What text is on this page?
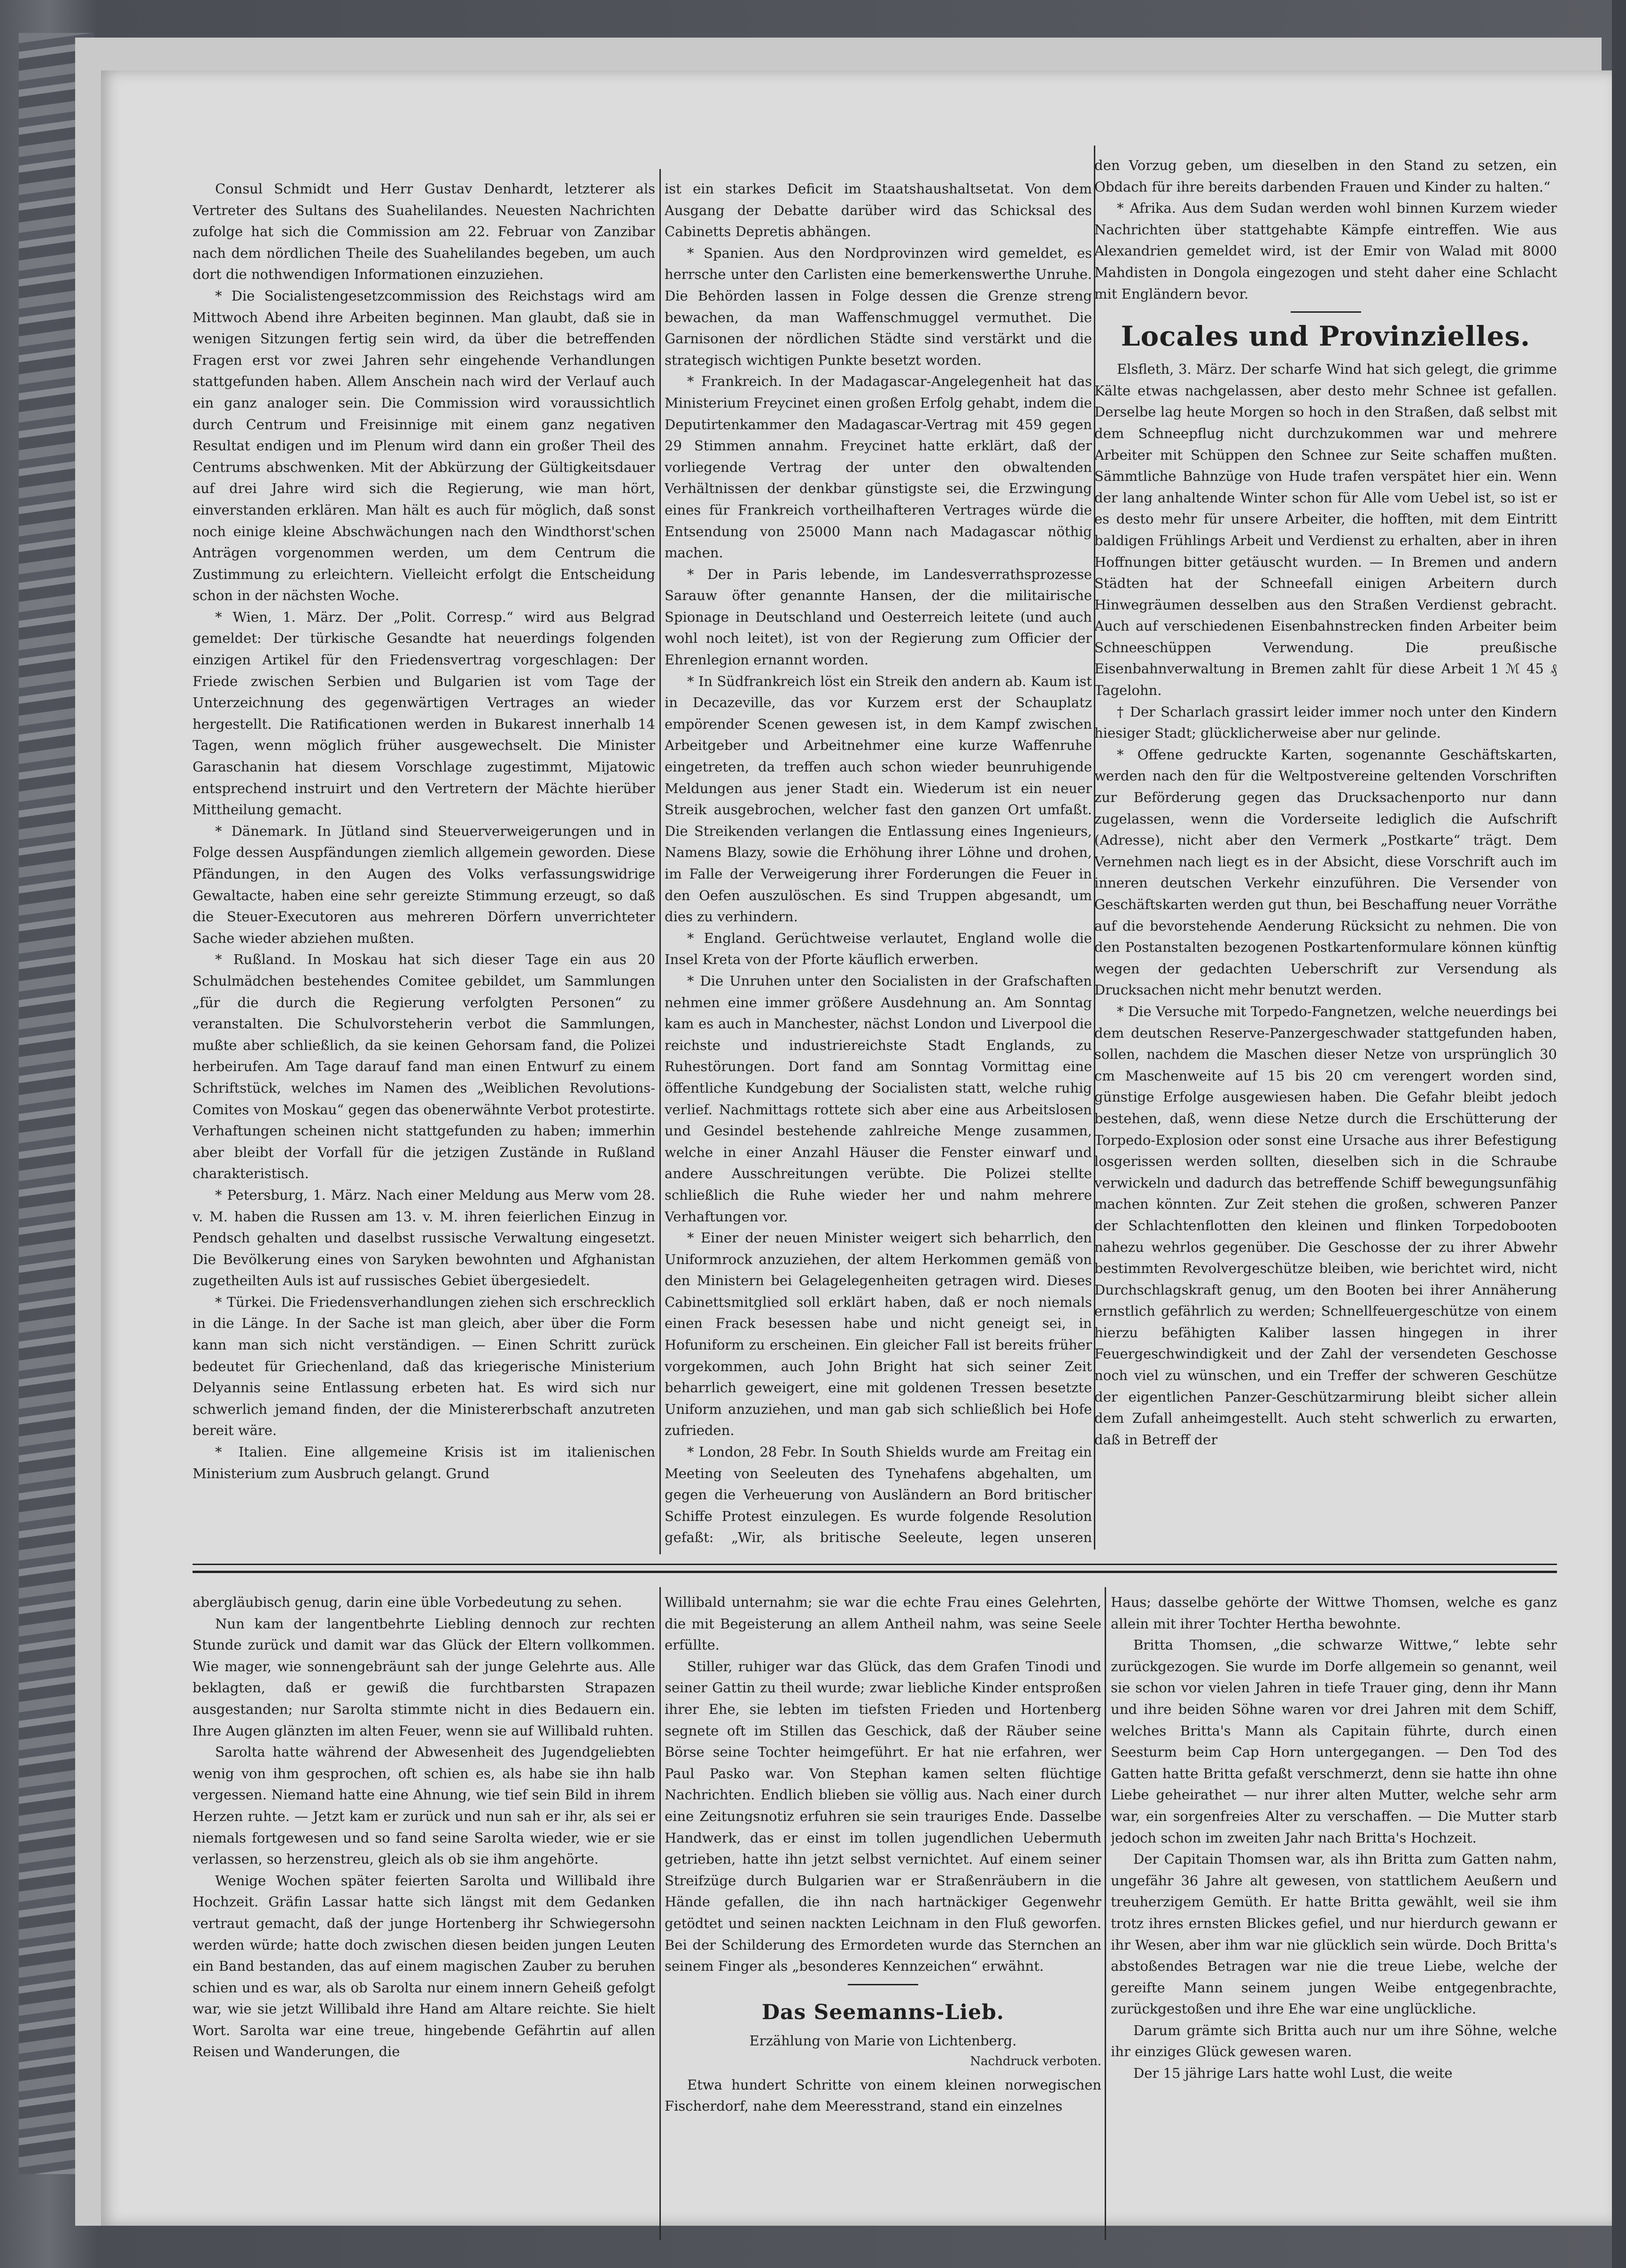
Consul Schmidt und Herr Gustav Denhardt, letzterer als Vertreter des Sultans des Suahelilandes. Neuesten Nachrichten zufolge hat sich die Commission am 22. Februar von Zanzibar nach dem nördlichen Theile des Suahelilandes begeben, um auch dort die nothwendigen Informationen einzuziehen.

* Die Socialistengesetzcommission des Reichstags wird am Mittwoch Abend ihre Arbeiten beginnen. Man glaubt, daß sie in wenigen Sitzungen fertig sein wird, da über die betreffenden Fragen erst vor zwei Jahren sehr eingehende Verhandlungen stattgefunden haben. Allem Anschein nach wird der Verlauf auch ein ganz analoger sein. Die Commission wird voraussichtlich durch Centrum und Freisinnige mit einem ganz negativen Resultat endigen und im Plenum wird dann ein großer Theil des Centrums abschwenken. Mit der Abkürzung der Gültigkeitsdauer auf drei Jahre wird sich die Regierung, wie man hört, einverstanden erklären. Man hält es auch für möglich, daß sonst noch einige kleine Abschwächungen nach den Windthorst'schen Anträgen vorgenommen werden, um dem Centrum die Zustimmung zu erleichtern. Vielleicht erfolgt die Entscheidung schon in der nächsten Woche.

* Wien, 1. März. Der „Polit. Corresp.“ wird aus Belgrad gemeldet: Der türkische Gesandte hat neuerdings folgenden einzigen Artikel für den Friedensvertrag vorgeschlagen: Der Friede zwischen Serbien und Bulgarien ist vom Tage der Unterzeichnung des gegenwärtigen Vertrages an wieder hergestellt. Die Ratificationen werden in Bukarest innerhalb 14 Tagen, wenn möglich früher ausgewechselt. Die Minister Garaschanin hat diesem Vorschlage zugestimmt, Mijatowic entsprechend instruirt und den Vertretern der Mächte hierüber Mittheilung gemacht.

* Dänemark. In Jütland sind Steuerverweigerungen und in Folge dessen Auspfändungen ziemlich allgemein geworden. Diese Pfändungen, in den Augen des Volks verfassungswidrige Gewaltacte, haben eine sehr gereizte Stimmung erzeugt, so daß die Steuer-Executoren aus mehreren Dörfern unverrichteter Sache wieder abziehen mußten.

* Rußland. In Moskau hat sich dieser Tage ein aus 20 Schulmädchen bestehendes Comitee gebildet, um Sammlungen „für die durch die Regierung verfolgten Personen“ zu veranstalten. Die Schulvorsteherin verbot die Sammlungen, mußte aber schließlich, da sie keinen Gehorsam fand, die Polizei herbeirufen. Am Tage darauf fand man einen Entwurf zu einem Schriftstück, welches im Namen des „Weiblichen Revolutions-Comites von Moskau“ gegen das obenerwähnte Verbot protestirte. Verhaftungen scheinen nicht stattgefunden zu haben; immerhin aber bleibt der Vorfall für die jetzigen Zustände in Rußland charakteristisch.

* Petersburg, 1. März. Nach einer Meldung aus Merw vom 28. v. M. haben die Russen am 13. v. M. ihren feierlichen Einzug in Pendsch gehalten und daselbst russische Verwaltung eingesetzt. Die Bevölkerung eines von Saryken bewohnten und Afghanistan zugetheilten Auls ist auf russisches Gebiet übergesiedelt.

* Türkei. Die Friedensverhandlungen ziehen sich erschrecklich in die Länge. In der Sache ist man gleich, aber über die Form kann man sich nicht verständigen. — Einen Schritt zurück bedeutet für Griechenland, daß das kriegerische Ministerium Delyannis seine Entlassung erbeten hat. Es wird sich nur schwerlich jemand finden, der die Ministererbschaft anzutreten bereit wäre.

* Italien. Eine allgemeine Krisis ist im italienischen Ministerium zum Ausbruch gelangt. Grund

ist ein starkes Deficit im Staatshaushaltsetat. Von dem Ausgang der Debatte darüber wird das Schicksal des Cabinetts Depretis abhängen.

* Spanien. Aus den Nordprovinzen wird gemeldet, es herrsche unter den Carlisten eine bemerkenswerthe Unruhe. Die Behörden lassen in Folge dessen die Grenze streng bewachen, da man Waffenschmuggel vermuthet. Die Garnisonen der nördlichen Städte sind verstärkt und die strategisch wichtigen Punkte besetzt worden.

* Frankreich. In der Madagascar-Angelegenheit hat das Ministerium Freycinet einen großen Erfolg gehabt, indem die Deputirtenkammer den Madagascar-Vertrag mit 459 gegen 29 Stimmen annahm. Freycinet hatte erklärt, daß der vorliegende Vertrag der unter den obwaltenden Verhältnissen der denkbar günstigste sei, die Erzwingung eines für Frankreich vortheilhafteren Vertrages würde die Entsendung von 25000 Mann nach Madagascar nöthig machen.

* Der in Paris lebende, im Landesverrathsprozesse Sarauw öfter genannte Hansen, der die militairische Spionage in Deutschland und Oesterreich leitete (und auch wohl noch leitet), ist von der Regierung zum Officier der Ehrenlegion ernannt worden.

* In Südfrankreich löst ein Streik den andern ab. Kaum ist in Decazeville, das vor Kurzem erst der Schauplatz empörender Scenen gewesen ist, in dem Kampf zwischen Arbeitgeber und Arbeitnehmer eine kurze Waffenruhe eingetreten, da treffen auch schon wieder beunruhigende Meldungen aus jener Stadt ein. Wiederum ist ein neuer Streik ausgebrochen, welcher fast den ganzen Ort umfaßt. Die Streikenden verlangen die Entlassung eines Ingenieurs, Namens Blazy, sowie die Erhöhung ihrer Löhne und drohen, im Falle der Verweigerung ihrer Forderungen die Feuer in den Oefen auszulöschen. Es sind Truppen abgesandt, um dies zu verhindern.

* England. Gerüchtweise verlautet, England wolle die Insel Kreta von der Pforte käuflich erwerben.

* Die Unruhen unter den Socialisten in der Grafschaften nehmen eine immer größere Ausdehnung an. Am Sonntag kam es auch in Manchester, nächst London und Liverpool die reichste und industriereichste Stadt Englands, zu Ruhestörungen. Dort fand am Sonntag Vormittag eine öffentliche Kundgebung der Socialisten statt, welche ruhig verlief. Nachmittags rottete sich aber eine aus Arbeitslosen und Gesindel bestehende zahlreiche Menge zusammen, welche in einer Anzahl Häuser die Fenster einwarf und andere Ausschreitungen verübte. Die Polizei stellte schließlich die Ruhe wieder her und nahm mehrere Verhaftungen vor.

* Einer der neuen Minister weigert sich beharrlich, den Uniformrock anzuziehen, der altem Herkommen gemäß von den Ministern bei Gelagelegenheiten getragen wird. Dieses Cabinettsmitglied soll erklärt haben, daß er noch niemals einen Frack besessen habe und nicht geneigt sei, in Hofuniform zu erscheinen. Ein gleicher Fall ist bereits früher vorgekommen, auch John Bright hat sich seiner Zeit beharrlich geweigert, eine mit goldenen Tressen besetzte Uniform anzuziehen, und man gab sich schließlich bei Hofe zufrieden.

* London, 28 Febr. In South Shields wurde am Freitag ein Meeting von Seeleuten des Tynehafens abgehalten, um gegen die Verheuerung von Ausländern an Bord britischer Schiffe Protest einzulegen. Es wurde folgende Resolution gefaßt: „Wir, als britische Seeleute, legen unseren

den Vorzug geben, um dieselben in den Stand zu setzen, ein Obdach für ihre bereits darbenden Frauen und Kinder zu halten.“

* Afrika. Aus dem Sudan werden wohl binnen Kurzem wieder Nachrichten über stattgehabte Kämpfe eintreffen. Wie aus Alexandrien gemeldet wird, ist der Emir von Walad mit 8000 Mahdisten in Dongola eingezogen und steht daher eine Schlacht mit Engländern bevor.

Locales und Provinzielles.

Elsfleth, 3. März. Der scharfe Wind hat sich gelegt, die grimme Kälte etwas nachgelassen, aber desto mehr Schnee ist gefallen. Derselbe lag heute Morgen so hoch in den Straßen, daß selbst mit dem Schneepflug nicht durchzukommen war und mehrere Arbeiter mit Schüppen den Schnee zur Seite schaffen mußten. Sämmtliche Bahnzüge von Hude trafen verspätet hier ein. Wenn der lang anhaltende Winter schon für Alle vom Uebel ist, so ist er es desto mehr für unsere Arbeiter, die hofften, mit dem Eintritt baldigen Frühlings Arbeit und Verdienst zu erhalten, aber in ihren Hoffnungen bitter getäuscht wurden. — In Bremen und andern Städten hat der Schneefall einigen Arbeitern durch Hinwegräumen desselben aus den Straßen Verdienst gebracht. Auch auf verschiedenen Eisenbahnstrecken finden Arbeiter beim Schneeschüppen Verwendung. Die preußische Eisenbahnverwaltung in Bremen zahlt für diese Arbeit 1 ℳ 45 ₰ Tagelohn.

† Der Scharlach grassirt leider immer noch unter den Kindern hiesiger Stadt; glücklicherweise aber nur gelinde.

* Offene gedruckte Karten, sogenannte Geschäftskarten, werden nach den für die Weltpostvereine geltenden Vorschriften zur Beförderung gegen das Drucksachenporto nur dann zugelassen, wenn die Vorderseite lediglich die Aufschrift (Adresse), nicht aber den Vermerk „Postkarte“ trägt. Dem Vernehmen nach liegt es in der Absicht, diese Vorschrift auch im inneren deutschen Verkehr einzuführen. Die Versender von Geschäftskarten werden gut thun, bei Beschaffung neuer Vorräthe auf die bevorstehende Aenderung Rücksicht zu nehmen. Die von den Postanstalten bezogenen Postkartenformulare können künftig wegen der gedachten Ueberschrift zur Versendung als Drucksachen nicht mehr benutzt werden.

* Die Versuche mit Torpedo-Fangnetzen, welche neuerdings bei dem deutschen Reserve-Panzergeschwader stattgefunden haben, sollen, nachdem die Maschen dieser Netze von ursprünglich 30 cm Maschenweite auf 15 bis 20 cm verengert worden sind, günstige Erfolge ausgewiesen haben. Die Gefahr bleibt jedoch bestehen, daß, wenn diese Netze durch die Erschütterung der Torpedo-Explosion oder sonst eine Ursache aus ihrer Befestigung losgerissen werden sollten, dieselben sich in die Schraube verwickeln und dadurch das betreffende Schiff bewegungsunfähig machen könnten. Zur Zeit stehen die großen, schweren Panzer der Schlachtenflotten den kleinen und flinken Torpedobooten nahezu wehrlos gegenüber. Die Geschosse der zu ihrer Abwehr bestimmten Revolvergeschütze bleiben, wie berichtet wird, nicht Durchschlagskraft genug, um den Booten bei ihrer Annäherung ernstlich gefährlich zu werden; Schnellfeuergeschütze von einem hierzu befähigten Kaliber lassen hingegen in ihrer Feuergeschwindigkeit und der Zahl der versendeten Geschosse noch viel zu wünschen, und ein Treffer der schweren Geschütze der eigentlichen Panzer-Geschützarmirung bleibt sicher allein dem Zufall anheimgestellt. Auch steht schwerlich zu erwarten, daß in Betreff der

abergläubisch genug, darin eine üble Vorbedeutung zu sehen.

Nun kam der langentbehrte Liebling dennoch zur rechten Stunde zurück und damit war das Glück der Eltern vollkommen. Wie mager, wie sonnengebräunt sah der junge Gelehrte aus. Alle beklagten, daß er gewiß die furchtbarsten Strapazen ausgestanden; nur Sarolta stimmte nicht in dies Bedauern ein. Ihre Augen glänzten im alten Feuer, wenn sie auf Willibald ruhten.

Sarolta hatte während der Abwesenheit des Jugendgeliebten wenig von ihm gesprochen, oft schien es, als habe sie ihn halb vergessen. Niemand hatte eine Ahnung, wie tief sein Bild in ihrem Herzen ruhte. — Jetzt kam er zurück und nun sah er ihr, als sei er niemals fortgewesen und so fand seine Sarolta wieder, wie er sie verlassen, so herzenstreu, gleich als ob sie ihm angehörte.

Wenige Wochen später feierten Sarolta und Willibald ihre Hochzeit. Gräfin Lassar hatte sich längst mit dem Gedanken vertraut gemacht, daß der junge Hortenberg ihr Schwiegersohn werden würde; hatte doch zwischen diesen beiden jungen Leuten ein Band bestanden, das auf einem magischen Zauber zu beruhen schien und es war, als ob Sarolta nur einem innern Geheiß gefolgt war, wie sie jetzt Willibald ihre Hand am Altare reichte. Sie hielt Wort. Sarolta war eine treue, hingebende Gefährtin auf allen Reisen und Wanderungen, die

Willibald unternahm; sie war die echte Frau eines Gelehrten, die mit Begeisterung an allem Antheil nahm, was seine Seele erfüllte.

Stiller, ruhiger war das Glück, das dem Grafen Tinodi und seiner Gattin zu theil wurde; zwar liebliche Kinder entsproßen ihrer Ehe, sie lebten im tiefsten Frieden und Hortenberg segnete oft im Stillen das Geschick, daß der Räuber seine Börse seine Tochter heimgeführt. Er hat nie erfahren, wer Paul Pasko war. Von Stephan kamen selten flüchtige Nachrichten. Endlich blieben sie völlig aus. Nach einer durch eine Zeitungsnotiz erfuhren sie sein trauriges Ende. Dasselbe Handwerk, das er einst im tollen jugendlichen Uebermuth getrieben, hatte ihn jetzt selbst vernichtet. Auf einem seiner Streifzüge durch Bulgarien war er Straßenräubern in die Hände gefallen, die ihn nach hartnäckiger Gegenwehr getödtet und seinen nackten Leichnam in den Fluß geworfen. Bei der Schilderung des Ermordeten wurde das Sternchen an seinem Finger als „besonderes Kennzeichen“ erwähnt.

Das Seemanns-Lieb.
Erzählung von Marie von Lichtenberg.
Nachdruck verboten.

Etwa hundert Schritte von einem kleinen norwegischen Fischerdorf, nahe dem Meeresstrand, stand ein einzelnes

Haus; dasselbe gehörte der Wittwe Thomsen, welche es ganz allein mit ihrer Tochter Hertha bewohnte.

Britta Thomsen, „die schwarze Wittwe,“ lebte sehr zurückgezogen. Sie wurde im Dorfe allgemein so genannt, weil sie schon vor vielen Jahren in tiefe Trauer ging, denn ihr Mann und ihre beiden Söhne waren vor drei Jahren mit dem Schiff, welches Britta's Mann als Capitain führte, durch einen Seesturm beim Cap Horn untergegangen. — Den Tod des Gatten hatte Britta gefaßt verschmerzt, denn sie hatte ihn ohne Liebe geheirathet — nur ihrer alten Mutter, welche sehr arm war, ein sorgenfreies Alter zu verschaffen. — Die Mutter starb jedoch schon im zweiten Jahr nach Britta's Hochzeit.

Der Capitain Thomsen war, als ihn Britta zum Gatten nahm, ungefähr 36 Jahre alt gewesen, von stattlichem Aeußern und treuherzigem Gemüth. Er hatte Britta gewählt, weil sie ihm trotz ihres ernsten Blickes gefiel, und nur hierdurch gewann er ihr Wesen, aber ihm war nie glücklich sein würde. Doch Britta's abstoßendes Betragen war nie die treue Liebe, welche der gereifte Mann seinem jungen Weibe entgegenbrachte, zurückgestoßen und ihre Ehe war eine unglückliche.

Darum grämte sich Britta auch nur um ihre Söhne, welche ihr einziges Glück gewesen waren.

Der 15 jährige Lars hatte wohl Lust, die weite
